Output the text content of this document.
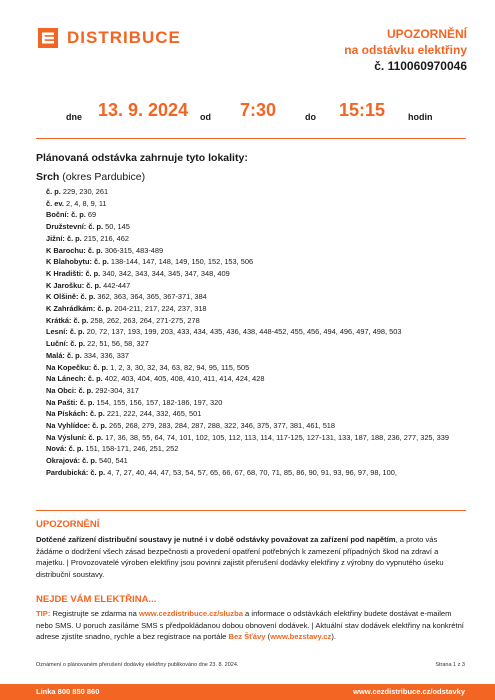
DISTRIBUCE	UPOZORNĚNÍ
na odstávku elektřiny
č. 110060970046
dne 13. 9. 2024 od 7:30	do 15:15	hodin
Plánovaná odstávka zahrnuje tyto lokality:
Srch (okres Pardubice)
č. p. 229, 230, 261
č. ev. 2, 4, 8, 9, 11
Boční: č. p. 69
Družstevní: č. p. 50, 145
Jižní: č. p. 215, 216, 462
K Barochu: č. p. 306-315, 483-489
K Blahobytu: č. p. 138-144, 147, 148, 149, 150, 152, 153, 506
K Hradišti: č. p. 340, 342, 343, 344, 345, 347, 348, 409
K Jarošku: č. p. 442-447
K Olšině: č. p. 362, 363, 364, 365, 367-371, 384
K Zahrádkám: č. p. 204-211, 217, 224, 237, 318
Krátká: č. p. 258, 262, 263, 264, 271-275, 278
Lesní: č. p. 20, 72, 137, 193, 199, 203, 433, 434, 435, 436, 438, 448-452, 455, 456, 494, 496, 497, 498, 503
Luční: č. p. 22, 51, 56, 58, 327
Malá: č. p. 334, 336, 337
Na Kopečku: č. p. 1, 2, 3, 30, 32, 34, 63, 82, 94, 95, 115, 505
Na Lánech: č. p. 402, 403, 404, 405, 408, 410, 411, 414, 424, 428
Na Obci: č. p. 292-304, 317
Na Pašti: č. p. 154, 155, 156, 157, 182-186, 197, 320
Na Pískách: č. p. 221, 222, 244, 332, 465, 501
Na Vyhlídce: č. p. 265, 268, 279, 283, 284, 287, 288, 322, 346, 375, 377, 381, 461, 518
Na Výsluní: č. p. 17, 36, 38, 55, 64, 74, 101, 102, 105, 112, 113, 114, 117-125, 127-131, 133, 187, 188, 236, 277, 325, 339
Nová: č. p. 151, 158-171, 246, 251, 252
Okrajová: č. p. 540, 541
Pardubická: č. p. 4, 7, 27, 40, 44, 47, 53, 54, 57, 65, 66, 67, 68, 70, 71, 85, 86, 90, 91, 93, 96, 97, 98, 100,
UPOZORNĚNÍ
Dotčené zařízení distribuční soustavy je nutné i v době odstávky považovat za zařízení pod napětím, a proto vás žádáme o dodržení všech zásad bezpečnosti a provedení opatření potřebných k zamezení případných škod na zdraví a majetku. | Provozovatelé výroben elektřiny jsou povinni zajistit přerušení dodávky elektřiny z výrobny do vypnutého úseku distribuční soustavy.
NEJDE VÁM ELEKTŘINA...
TIP: Registrujte se zdarma na www.cezdistribuce.cz/sluzba a informace o odstávkách elektřiny budete dostávat e-mailem nebo SMS. U poruch zasíláme SMS s předpokládanou dobou obnovení dodávek. | Aktuální stav dodávek elektřiny na konkrétní adrese zjistíte snadno, rychle a bez registrace na portále Bez Šťávy (www.bezstavy.cz).
Oznámení o plánovaném přerušení dodávky elektřiny publikováno dne 23. 8. 2024.	Strana 1 z 3
Linka 800 850 860	www.cezdistribuce.cz/odstavky
